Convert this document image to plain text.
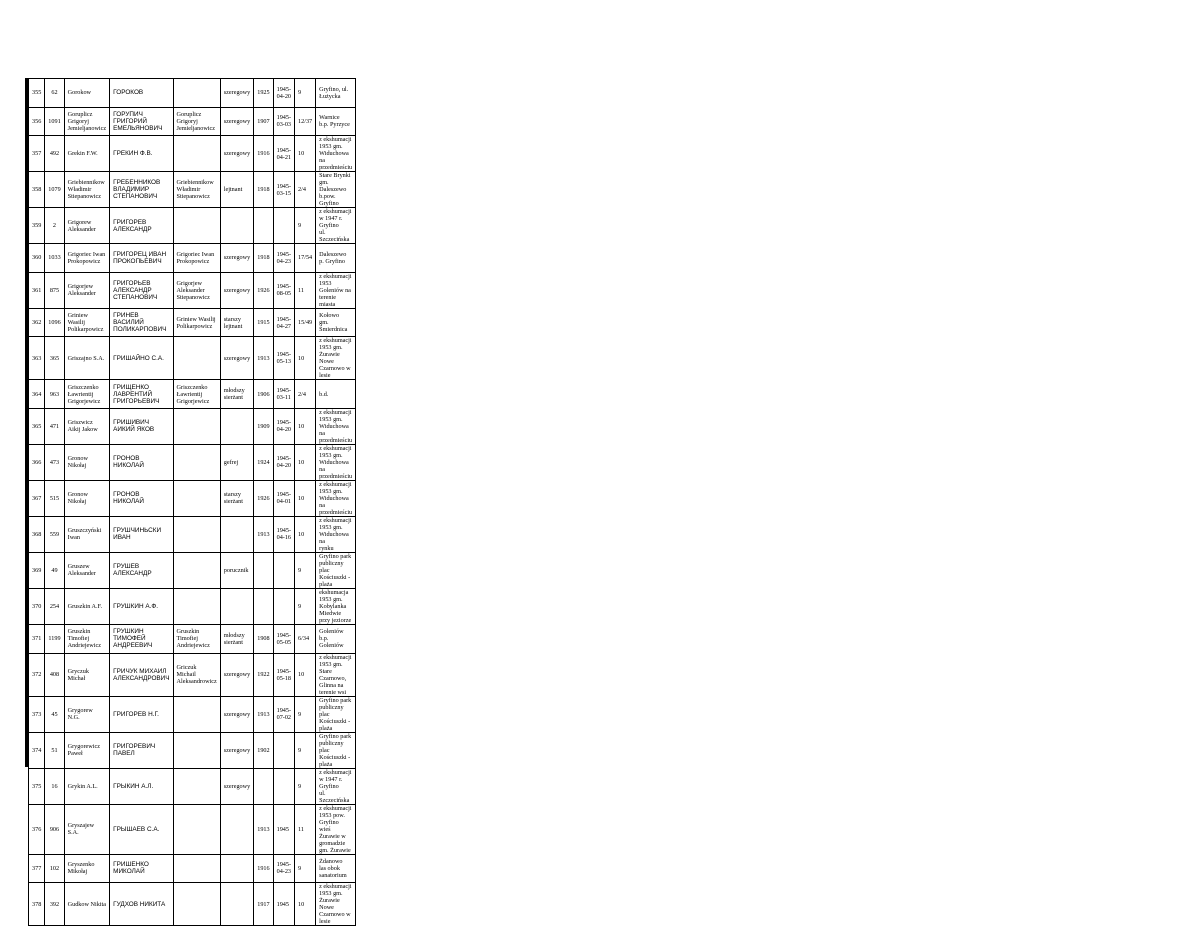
355	62	Gorokow	ГОРОКОВ		szeregowy	1925	1945-04-20	9	Gryfino, ul. Łużycka
356	1091	Goruplicz Grigoryj Jemieljanowicz	ГОРУПИЧ ГРИГОРИЙ
ЕМЕЛЬЯНОВИЧ	Goruplicz Grigoryj Jemieljanowicz	szeregowy	1907	1945-03-03	12/37	Warnice
b.p. Pyrzyce
357	492	Grekin F.W.	ГРЕКИН Ф.В.		szeregowy	1916	1945-04-21	10	z ekshumacji 1953 gm. Widuchowa
na przedmieściu
358	1079	Griebiennikow Władimir Stiepanowicz	ГРЕБЕННИКОВ ВЛАДИМИР
СТЕПАНОВИЧ	Griebiennikow Władimir Stiepanowicz	lejtnant	1918	1945-03-15	2/4	Stare Brynki
gm. Daleszewo
b.pow. Gryfino
359	2	Grigorew Aleksander	ГРИГОРЕВ АЛЕКСАНДР					9	z ekshumacji w 1947 r.
Gryfino
ul. Szczecińska
360	1033	Grigoriec Iwan Prokopowicz	ГРИГОРЕЦ ИВАН ПРОКОПЬЕВИЧ	Grigoriec Iwan Prokopowicz	szeregowy	1918	1945-04-23	17/54	Daleszewo
p. Gryfino
361	875	Grigorjew Aleksander	ГРИГОРЬЕВ АЛЕКСАНДР
СТЕПАНОВИЧ	Grigorjew Aleksander Stiepanowicz	szeregowy	1926	1945-08-05	11	z ekshumacji 1953
Goleniów na terenie miasta
362	1096	Griniew Wasilij Polikarpowicz	ГРИНЕВ ВАСИЛИЙ ПОЛИКАРПОВИЧ	Griniew Wasilij Polikarpowicz	starszy lejtnant	1915	1945-04-27	15/49	Kołowo
gm. Śmierdnica
363	365	Griszajno S.A.	ГРИШАЙНО С.А.		szeregowy	1913	1945-05-13	10	z ekshumacji 1953 gm. Żurawie
Nowe Czarnowo w lesie
364	963	Griszczenko Ławrientij Grigorjewicz	ГРИЩЕНКО ЛАВРЕНТИЙ
ГРИГОРЬЕВИЧ	Griszczenko Ławrientij Grigorjewicz	młodszy sierżant	1906	1945-03-11	2/4	b.d.
365	471	Griszwicz Aikij Jakow	ГРИШИВИЧ АИКИЙ ЯКОВ			1909	1945-04-20	10	z ekshumacji 1953 gm. Widuchowa
na przedmieściu
366	473	Gronow Nikołaj	ГРОНОВ НИКОЛАЙ		gefrej	1924	1945-04-20	10	z ekshumacji 1953 gm. Widuchowa
na przedmieściu
367	515	Gronow Nikołaj	ГРОНОВ НИКОЛАЙ		starszy sierżant	1926	1945-04-01	10	z ekshumacji 1953 gm. Widuchowa
na przedmieściu
368	559	Gruszczyński Iwan	ГРУШЧИНЬСКИ ИВАН			1913	1945-04-16	10	z ekshumacji 1953 gm. Widuchowa na
rynku
369	49	Gruszew Aleksander	ГРУШЕВ АЛЕКСАНДР		porucznik			9	Gryfino park publiczny
plac Kościuszki - plaża
370	254	Gruszkin A.F.	ГРУШКИН А.Ф.					9	ekshumacja 1953 gm. Kobylanka
Miedwie przy jeziorze
371	1199	Gruszkin Timofiej Andriejewicz	ГРУШКИН ТИМОФЕЙ АНДРЕЕВИЧ	Gruszkin Timofiej Andriejewicz	młodszy sierżant	1908	1945-05-05	6/34	Goleniów
b.p. Goleniów
372	408	Gryczuk Michał	ГРИЧУК МИХАИЛ АЛЕКСАНДРОВИЧ	Griczuk Michail Aleksandrowicz	szeregowy	1922	1945-05-18	10	z ekshumacji 1953 gm. Stare
Czarnowo, Glinna na terenie wsi
373	45	Grygorew N.G.	ГРИГОРЕВ Н.Г.		szeregowy	1913	1945-07-02	9	Gryfino park publiczny
plac Kościuszki - plaża
374	51	Grygorewicz Paweł	ГРИГОРЕВИЧ ПАВЕЛ		szeregowy	1902		9	Gryfino park publiczny
plac Kościuszki - plaża
375	16	Grykin A.L.	ГРЫКИН А.Л.		szeregowy			9	z ekshumacji w 1947 r.
Gryfino
ul. Szczecińska
376	906	Gryszajew S.A.	ГРЫШАЕВ С.А.			1913	1945	11	z ekshumacji 1953 pow. Gryfino
wieś Żurawie w gromadzie
gm. Żurawie
377	102	Gryszenko Mikołaj	ГРИШЕНКО МИКОЛАЙ			1916	1945-04-23	9	Żdanowo
las obok sanatorium
378	392	Gudkow Nikita	ГУДХОВ НИКИТА			1917	1945	10	z ekshumacji 1953 gm. Żurawie
Nowe Czarnowo w lesie
